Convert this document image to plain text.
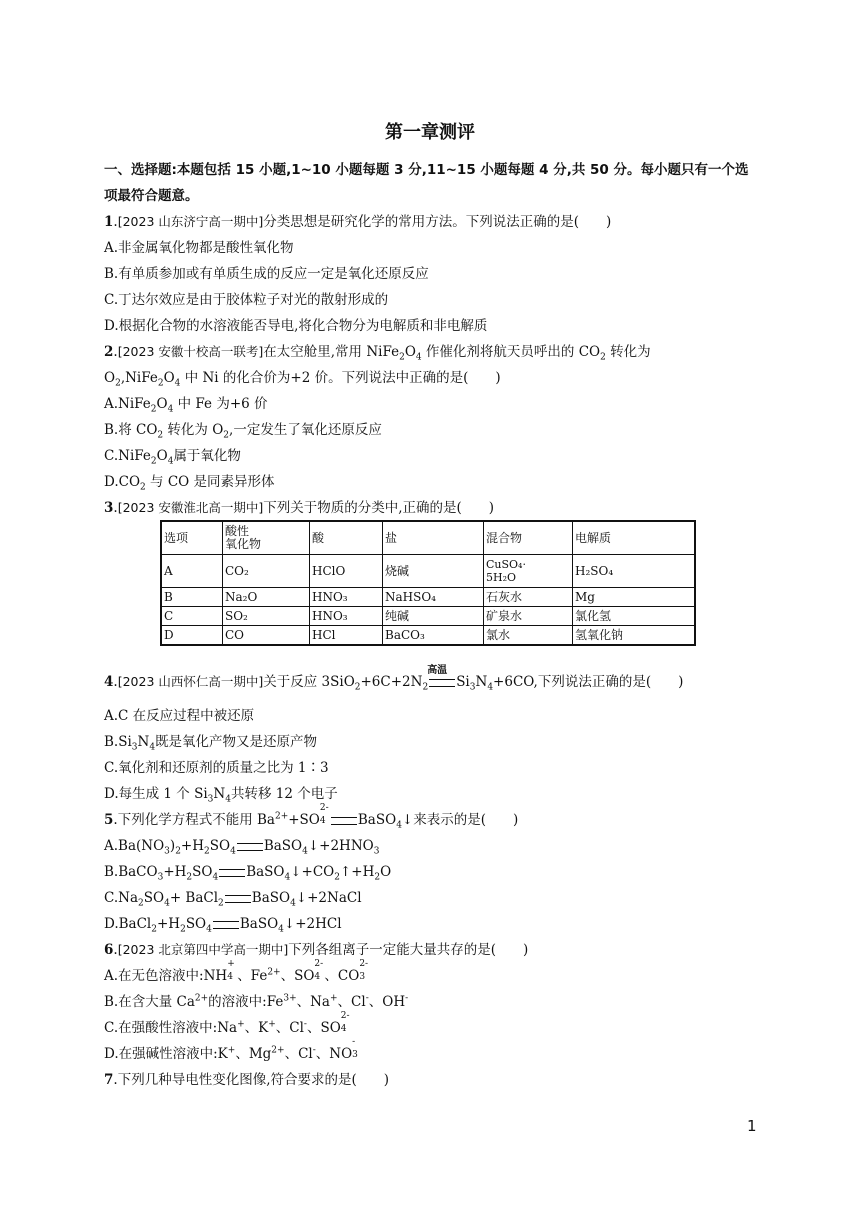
第一章测评
一、选择题:本题包括 15 小题,1~10 小题每题 3 分,11~15 小题每题 4 分,共 50 分。每小题只有一个选
项最符合题意。
1.[2023 山东济宁高一期中]分类思想是研究化学的常用方法。下列说法正确的是(　　)
A.非金属氧化物都是酸性氧化物
B.有单质参加或有单质生成的反应一定是氧化还原反应
C.丁达尔效应是由于胶体粒子对光的散射形成的
D.根据化合物的水溶液能否导电,将化合物分为电解质和非电解质
2.[2023 安徽十校高一联考]在太空舱里,常用 $NiFe_2O_4$ 作催化剂将航天员呼出的 $CO_2$ 转化为
$O_2,NiFe_2O_4$ 中 Ni 的化合价为+2 价。下列说法中正确的是(　　)
$A.NiFe_2O_4$ 中 Fe 为+6 价
B.将 $CO_2$ 转化为 $O_2$,一定发生了氧化还原反应
$C.NiFe_2O_4$属于氧化物
$D.CO_2$ 与 CO 是同素异形体
3.[2023 安徽淮北高一期中]下列关于物质的分类中,正确的是(　　)
选项	酸性
氧化物	酸	盐	混合物	电解质
A	CO₂	HClO	烧碱	CuSO₄·
5H₂O	H₂SO₄
B	Na₂O	HNO₃	NaHSO₄	石灰水	Mg
C	SO₂	HNO₃	纯碱	矿泉水	氯化氢
D	CO	HCl	BaCO₃	氯水	氢氧化钠
4.[2023 山西怀仁高一期中]关于反应 $3SiO_2+6C+2N_2$
高温
$Si_3N_4+6CO$,下列说法正确的是(　　)
A.C 在反应过程中被还原
$B.Si_3N_4$既是氧化产物又是还原产物
C.氧化剂和还原剂的质量之比为 1∶3
D.每生成 1 个 $Si_3N_4$共转移 12 个电子
5.下列化学方程式不能用 $Ba^{2+}+SO$
2-
4 BaSO$_4$↓来表示的是(　　)
$A.Ba(NO_3)_2+H_2SO_4$ $BaSO_4↓+2HNO_3$
$B.BaCO_3+H_2SO_4$ $BaSO_4↓+CO_2↑+H_2O$
$C.Na_2SO_4+$ BaCl$_2$ BaSO$_4$↓+2NaCl
$D.BaCl_2+H_2SO_4$ BaSO$_4$↓+2HCl
6.[2023 北京第四中学高一期中]下列各组离子一定能大量共存的是(　　)
A.在无色溶液中:NH
+
4 、$Fe^{2+}$、SO
2-
4 、CO
2-
3
B.在含大量 $Ca^{2+}$的溶液中$:Fe^{3+}$、Na+、Cl-、OH-
C.在强酸性溶液中:Na+、K+、Cl-、SO
2-
4
D.在强碱性溶液中:K+、$Mg^{2+}$、Cl-、NO
-
3
7.下列几种导电性变化图像,符合要求的是(　　)
1
